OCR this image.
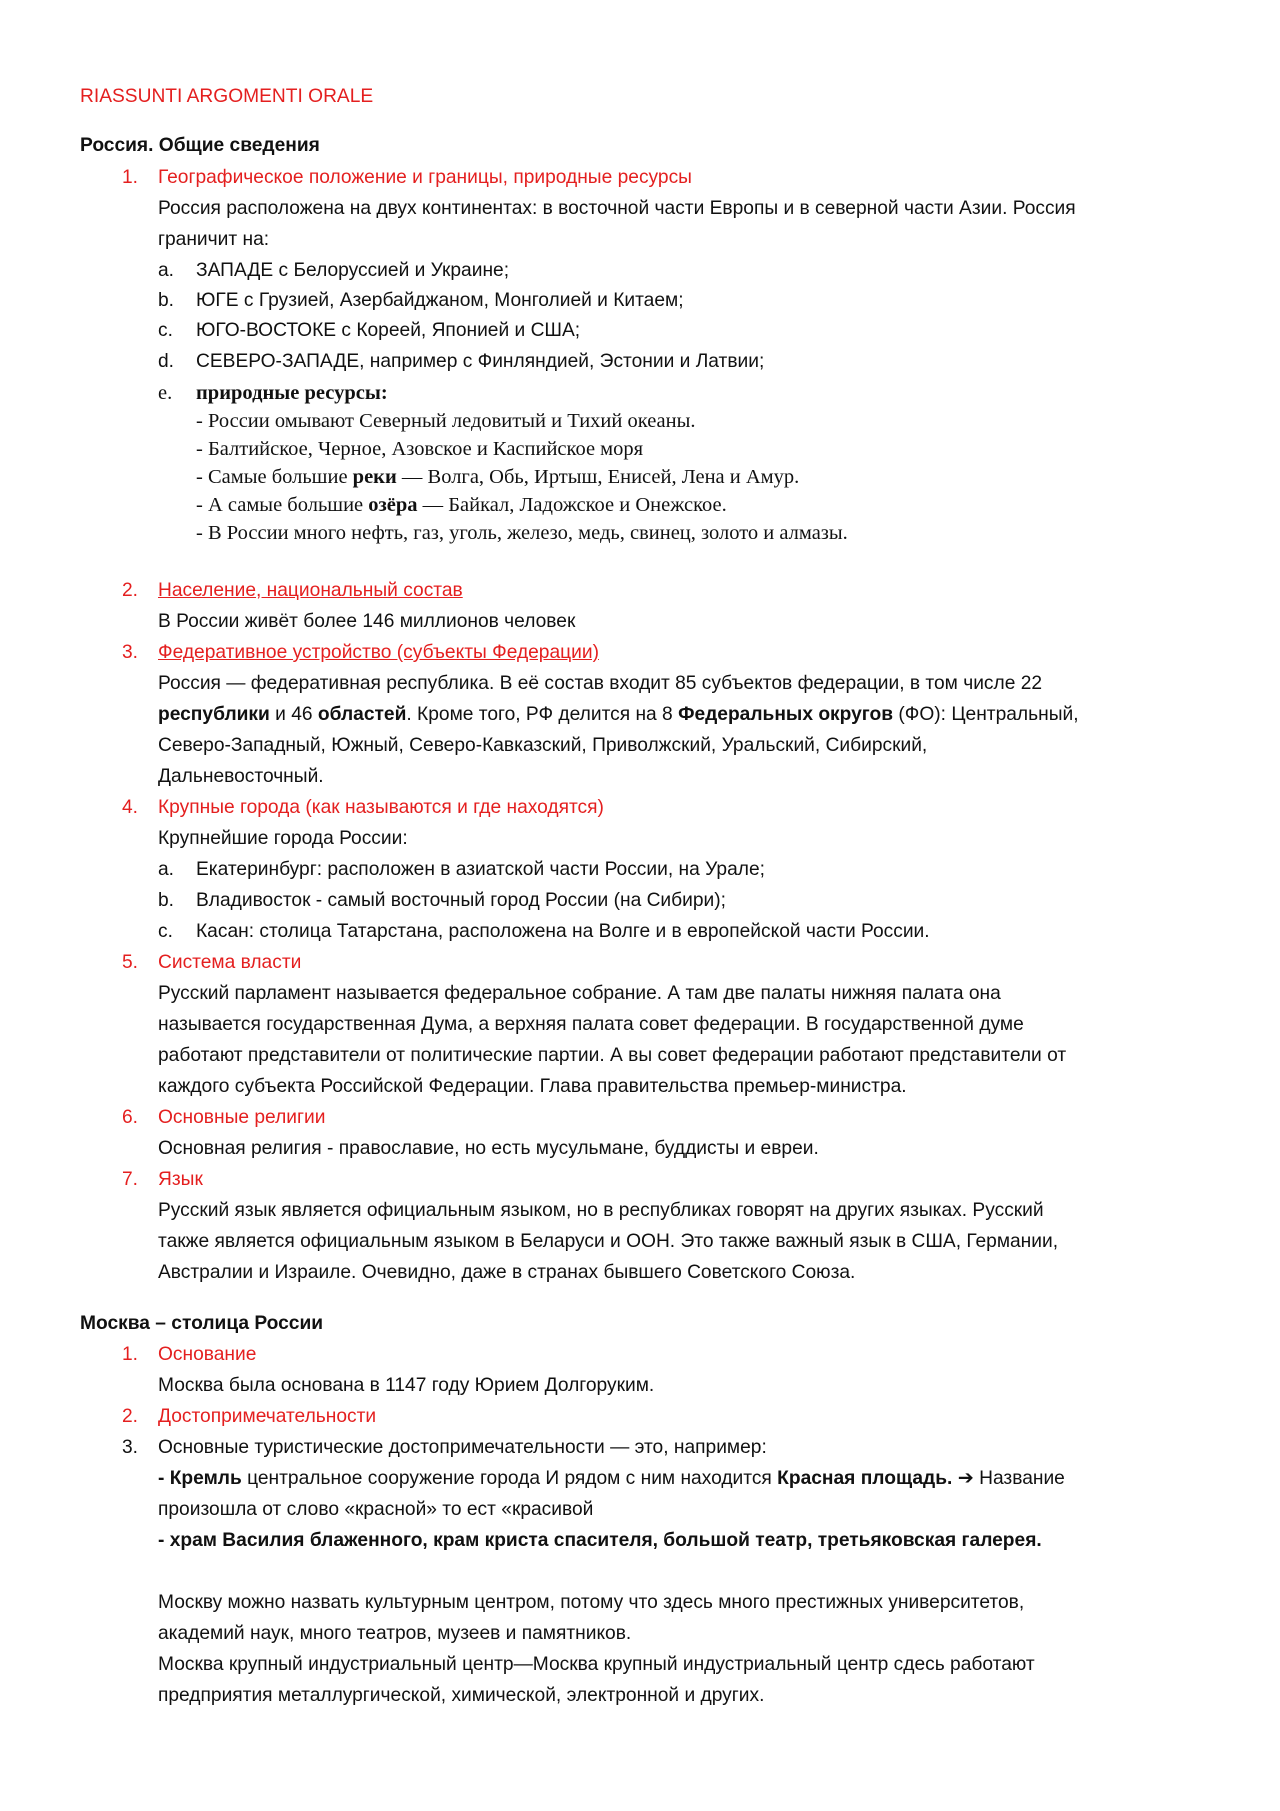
RIASSUNTI ARGOMENTI ORALE
Россия. Общие сведения
1. Географическое положение и границы, природные ресурсы
Россия расположена на двух континентах: в восточной части Европы и в северной части Азии. Россия
граничит на:
a. ЗАПАДЕ с Белоруссией и Украине;
b. ЮГЕ с Грузией, Азербайджаном, Монголией и Китаем;
c. ЮГО-ВОСТОКЕ с Кореей, Японией и США;
d. СЕВЕРО-ЗАПАДЕ, например с Финляндией, Эстонии и Латвии;
e. природные ресурсы:
- России омывают Северный ледовитый и Тихий океаны.
- Балтийское, Черное, Азовское и Каспийское моря
- Самые большие реки — Волга, Обь, Иртыш, Енисей, Лена и Амур.
- А самые большие озёра — Байкал, Ладожское и Онежское.
- В России много нефть, газ, уголь, железо, медь, свинец, золото и алмазы.
2. Население, национальный состав
В России живёт более 146 миллионов человек
3. Федеративное устройство (субъекты Федерации)
Россия — федеративная республика. В её состав входит 85 субъектов федерации, в том числе 22
республики и 46 областей. Кроме того, РФ делится на 8 Федеральных округов (ФО): Центральный,
Северо-Западный, Южный, Северо-Кавказский, Приволжский, Уральский, Сибирский,
Дальневосточный.
4. Крупные города (как называются и где находятся)
Крупнейшие города России:
a. Екатеринбург: расположен в азиатской части России, на Урале;
b. Владивосток - самый восточный город России (на Сибири);
c. Касан: столица Татарстана, расположена на Волге и в европейской части России.
5. Система власти
Русский парламент называется федеральное собрание. А там две палаты нижняя палата она
называется государственная Дума, а верхняя палата совет федерации. В государственной думе
работают представители от политические партии. А вы совет федерации работают представители от
каждого субъекта Российской Федерации. Глава правительства премьер-министра.
6. Основные религии
Основная религия - православие, но есть мусульмане, буддисты и евреи.
7. Язык
Русский язык является официальным языком, но в республиках говорят на других языках. Русский
также является официальным языком в Беларуси и ООН. Это также важный язык в США, Германии,
Австралии и Израиле. Очевидно, даже в странах бывшего Советского Союза.
Москва – столица России
1. Основание
Москва была основана в 1147 году Юрием Долгоруким.
2. Достопримечательности
3. Основные туристические достопримечательности — это, например:
- Кремль центральное сооружение города И рядом с ним находится Красная площадь. ➔ Название
произошла от слово «красной» то ест «красивой
- храм Василия блаженного, крам криста спасителя, большой театр, третьяковская галерея.
Москву можно назвать культурным центром, потому что здесь много престижных университетов,
академий наук, много театров, музеев и памятников.
Москва крупный индустриальный центр—Москва крупный индустриальный центр сдесь работают
предприятия металлургической, химической, электронной и других.
